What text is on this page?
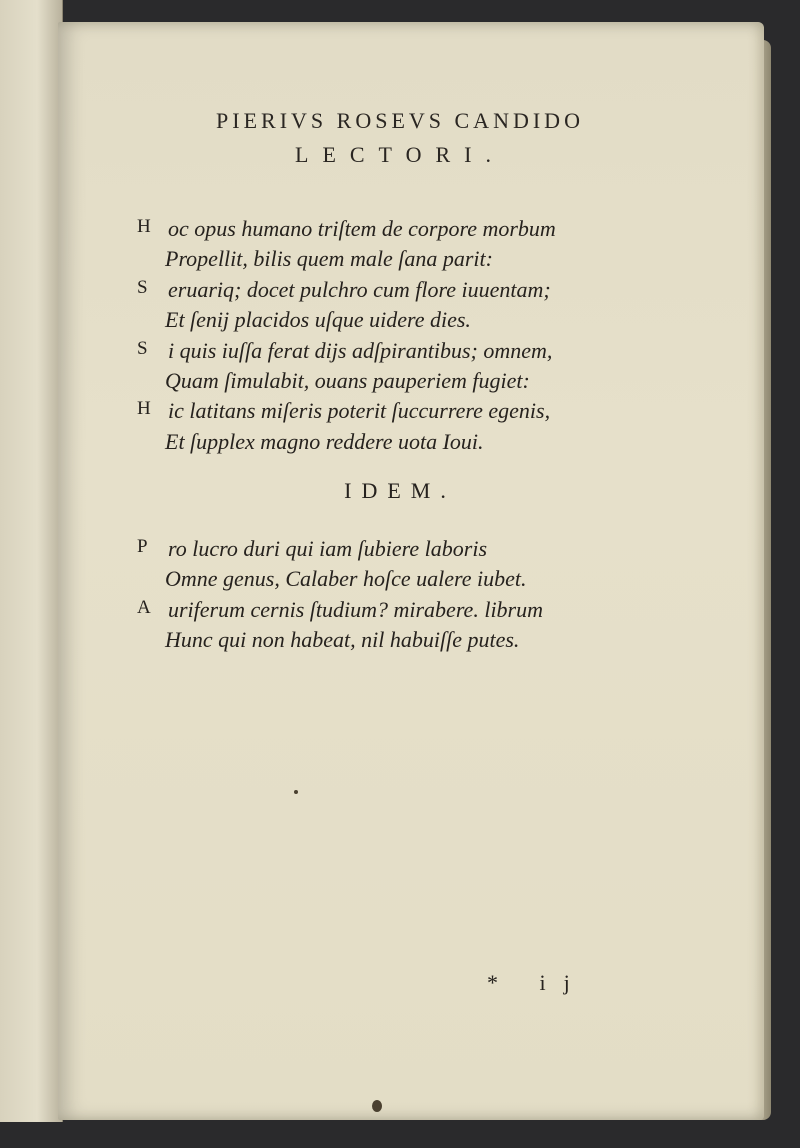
PIERIVS ROSEVS CANDIDO
LECTORI.
H oc opus humano triſtem de corpore morbum
Propellit, bilis quem male ſana parit:
S eruariq; docet pulchro cum flore iuuentam;
Et ſenij placidos uſque uidere dies.
S i quis iuſſa ferat dijs adſpirantibus; omnem,
Quam ſimulabit, ouans pauperiem fugiet:
H ic latitans miſeris poterit ſuccurrere egenis,
Et ſupplex magno reddere uota Ioui.
IDEM.
P ro lucro duri qui iam ſubiere laboris
Omne genus, Calaber hoſce ualere iubet.
A uriferum cernis ſtudium? mirabere. librum
Hunc qui non habeat, nil habuiſſe putes.
* ij
